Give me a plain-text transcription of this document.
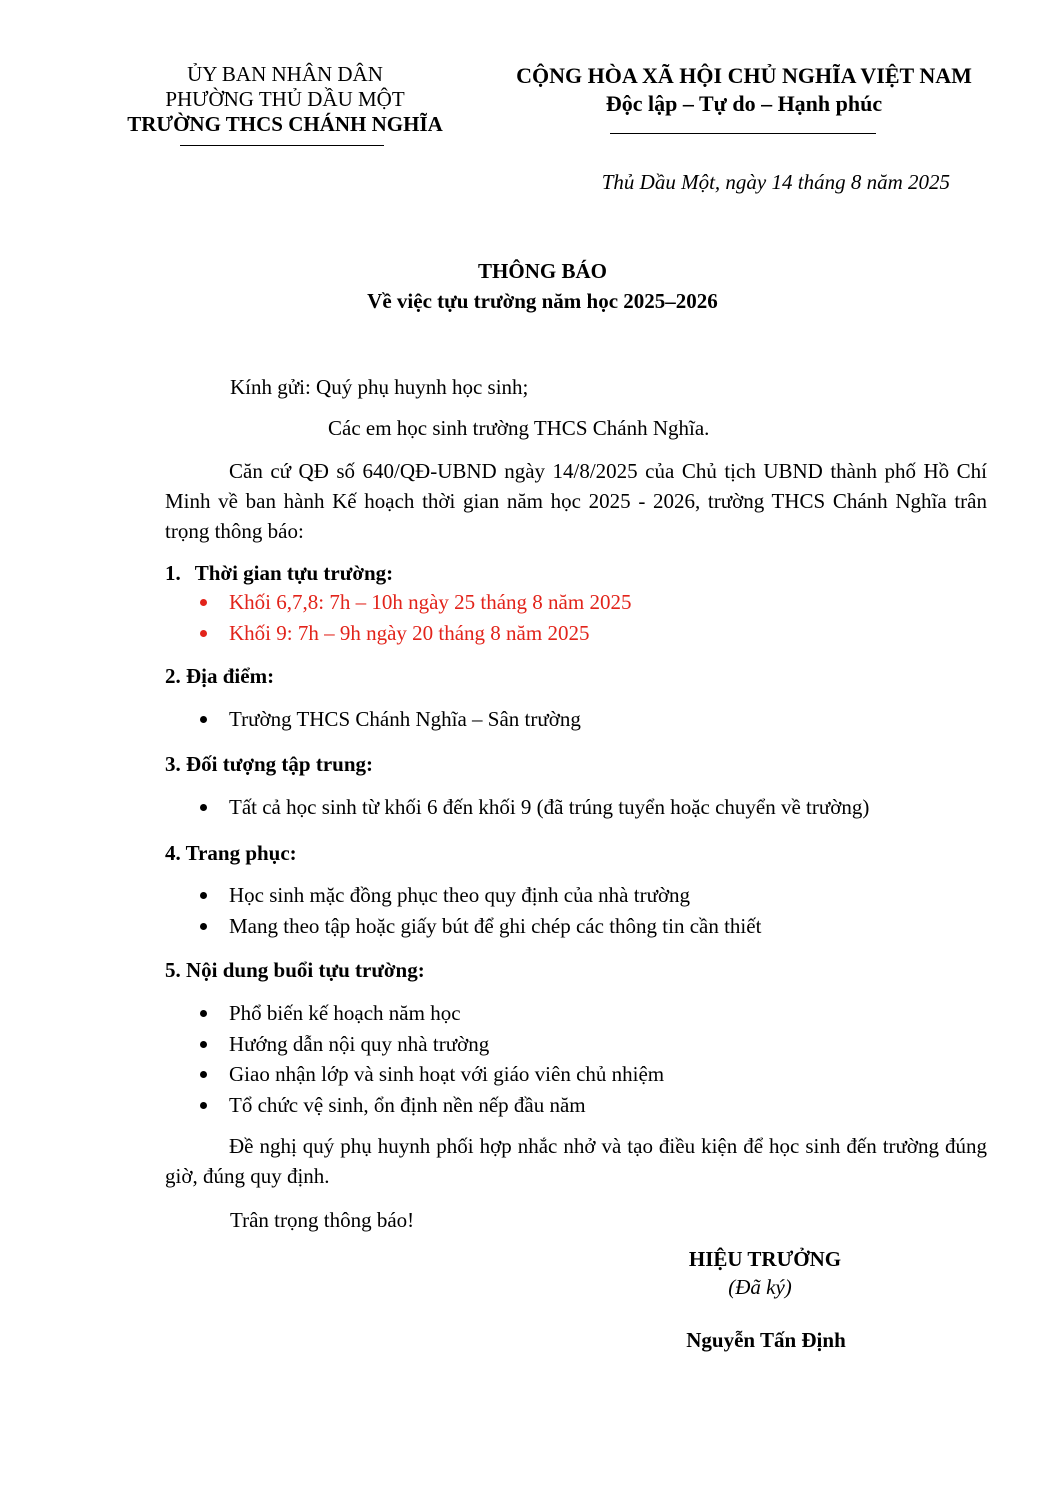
ỦY BAN NHÂN DÂN
PHƯỜNG THỦ DẦU MỘT
TRƯỜNG THCS CHÁNH NGHĨA
CỘNG HÒA XÃ HỘI CHỦ NGHĨA VIỆT NAM
Độc lập – Tự do – Hạnh phúc
Thủ Dầu Một, ngày 14 tháng 8 năm 2025
THÔNG BÁO
Về việc tựu trường năm học 2025–2026
Kính gửi: Quý phụ huynh học sinh;
Các em học sinh trường THCS Chánh Nghĩa.
Căn cứ QĐ số 640/QĐ-UBND ngày 14/8/2025 của Chủ tịch UBND thành phố Hồ Chí Minh về ban hành Kế hoạch thời gian năm học 2025 - 2026, trường THCS Chánh Nghĩa trân trọng thông báo:
1. Thời gian tựu trường:
Khối 6,7,8: 7h – 10h ngày 25 tháng 8 năm 2025
Khối 9: 7h – 9h ngày 20 tháng 8 năm 2025
2. Địa điểm:
Trường THCS Chánh Nghĩa – Sân trường
3. Đối tượng tập trung:
Tất cả học sinh từ khối 6 đến khối 9 (đã trúng tuyển hoặc chuyển về trường)
4. Trang phục:
Học sinh mặc đồng phục theo quy định của nhà trường
Mang theo tập hoặc giấy bút để ghi chép các thông tin cần thiết
5. Nội dung buổi tựu trường:
Phổ biến kế hoạch năm học
Hướng dẫn nội quy nhà trường
Giao nhận lớp và sinh hoạt với giáo viên chủ nhiệm
Tổ chức vệ sinh, ổn định nền nếp đầu năm
Đề nghị quý phụ huynh phối hợp nhắc nhở và tạo điều kiện để học sinh đến trường đúng giờ, đúng quy định.
Trân trọng thông báo!
HIỆU TRƯỞNG
(Đã ký)
Nguyễn Tấn Định
